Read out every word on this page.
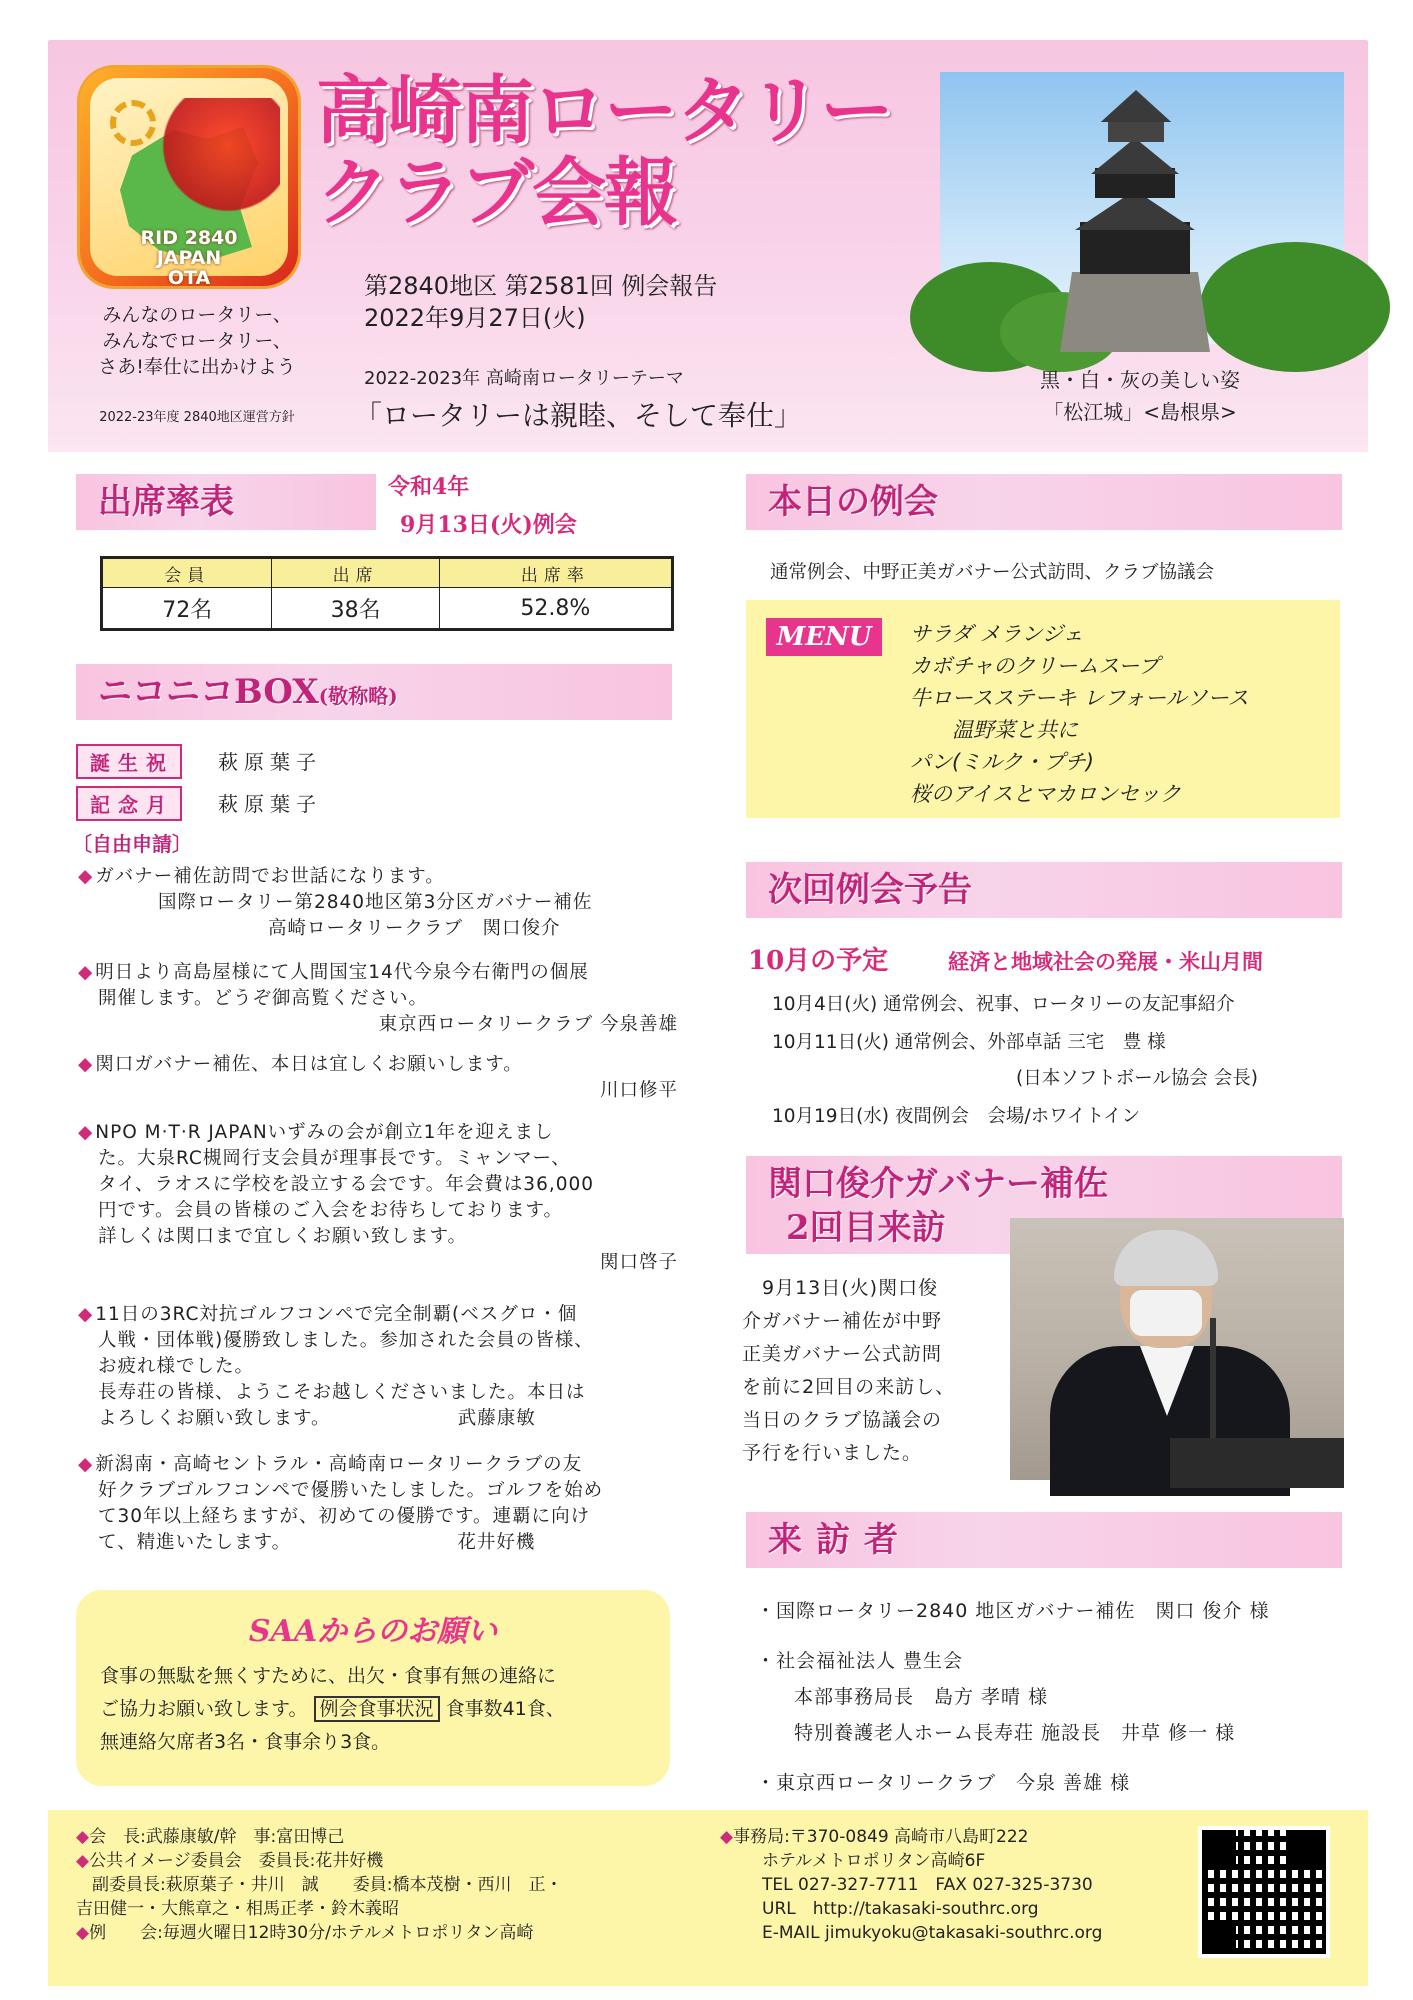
RID 2840
JAPAN
OTA
高崎南ロータリー
クラブ会報
みんなのロータリー、
みんなでロータリー、
さあ!奉仕に出かけよう
2022-23年度 2840地区運営方針
第2840地区 第2581回 例会報告
2022年9月27日(火)
2022-2023年 高崎南ロータリーテーマ
「ロータリーは親睦、そして奉仕」
黒・白・灰の美しい姿
「松江城」<島根県>
出席率表	令和4年
9月13日(火)例会
会員	出席	出席率
72名	38名	52.8%
ニコニコBOX(敬称略)
誕生祝	萩原葉子
記念月	萩原葉子
〔自由申請〕
◆ ガバナー補佐訪問でお世話になります。
国際ロータリー第2840地区第3分区ガバナー補佐
高崎ロータリークラブ　関口俊介
◆ 明日より高島屋様にて人間国宝14代今泉今右衛門の個展
開催します。どうぞ御高覧ください。
東京西ロータリークラブ 今泉善雄
◆ 関口ガバナー補佐、本日は宜しくお願いします。
川口修平
◆ NPO M·T·R JAPANいずみの会が創立1年を迎えまし
た。大泉RC槻岡行支会員が理事長です。ミャンマー、
タイ、ラオスに学校を設立する会です。年会費は36,000
円です。会員の皆様のご入会をお待ちしております。
詳しくは関口まで宜しくお願い致します。
関口啓子
◆ 11日の3RC対抗ゴルフコンペで完全制覇(ベスグロ・個
人戦・団体戦)優勝致しました。参加された会員の皆様、
お疲れ様でした。
長寿荘の皆様、ようこそお越しくださいました。本日は
よろしくお願い致します。　　　　　　　武藤康敏
◆ 新潟南・高崎セントラル・高崎南ロータリークラブの友
好クラブゴルフコンペで優勝いたしました。ゴルフを始め
て30年以上経ちますが、初めての優勝です。連覇に向け
て、精進いたします。　　　　　　　　　花井好機
SAAからのお願い
食事の無駄を無くすために、出欠・食事有無の連絡に
ご協力お願い致します。 例会食事状況 食事数41食、
無連絡欠席者3名・食事余り3食。
本日の例会
通常例会、中野正美ガバナー公式訪問、クラブ協議会
MENU	サラダ メランジェ
カボチャのクリームスープ
牛ロースステーキ レフォールソース
　　温野菜と共に
パン(ミルク・プチ)
桜のアイスとマカロンセック
次回例会予告
10月の予定	経済と地域社会の発展・米山月間
10月4日(火) 通常例会、祝事、ロータリーの友記事紹介
10月11日(火) 通常例会、外部卓話 三宅　豊 様
(日本ソフトボール協会 会長)
10月19日(水) 夜間例会　会場/ホワイトイン
関口俊介ガバナー補佐
2回目来訪
9月13日(火)関口俊
介ガバナー補佐が中野
正美ガバナー公式訪問
を前に2回目の来訪し、
当日のクラブ協議会の
予行を行いました。
来訪者
・国際ロータリー2840 地区ガバナー補佐　関口 俊介 様
・社会福祉法人 豊生会
本部事務局長　島方 孝晴 様
特別養護老人ホーム長寿荘 施設長　井草 修一 様
・東京西ロータリークラブ　今泉 善雄 様
◆会　長:武藤康敏/幹　事:富田博己
◆公共イメージ委員会　委員長:花井好機
副委員長:萩原葉子・井川　誠　　委員:橋本茂樹・西川　正・
吉田健一・大熊章之・相馬正孝・鈴木義昭
◆例　　会:毎週火曜日12時30分/ホテルメトロポリタン高崎
◆事務局:〒370-0849 高崎市八島町222
ホテルメトロポリタン高崎6F
TEL 027-327-7711　FAX 027-325-3730
URL　http://takasaki-southrc.org
E-MAIL jimukyoku@takasaki-southrc.org
